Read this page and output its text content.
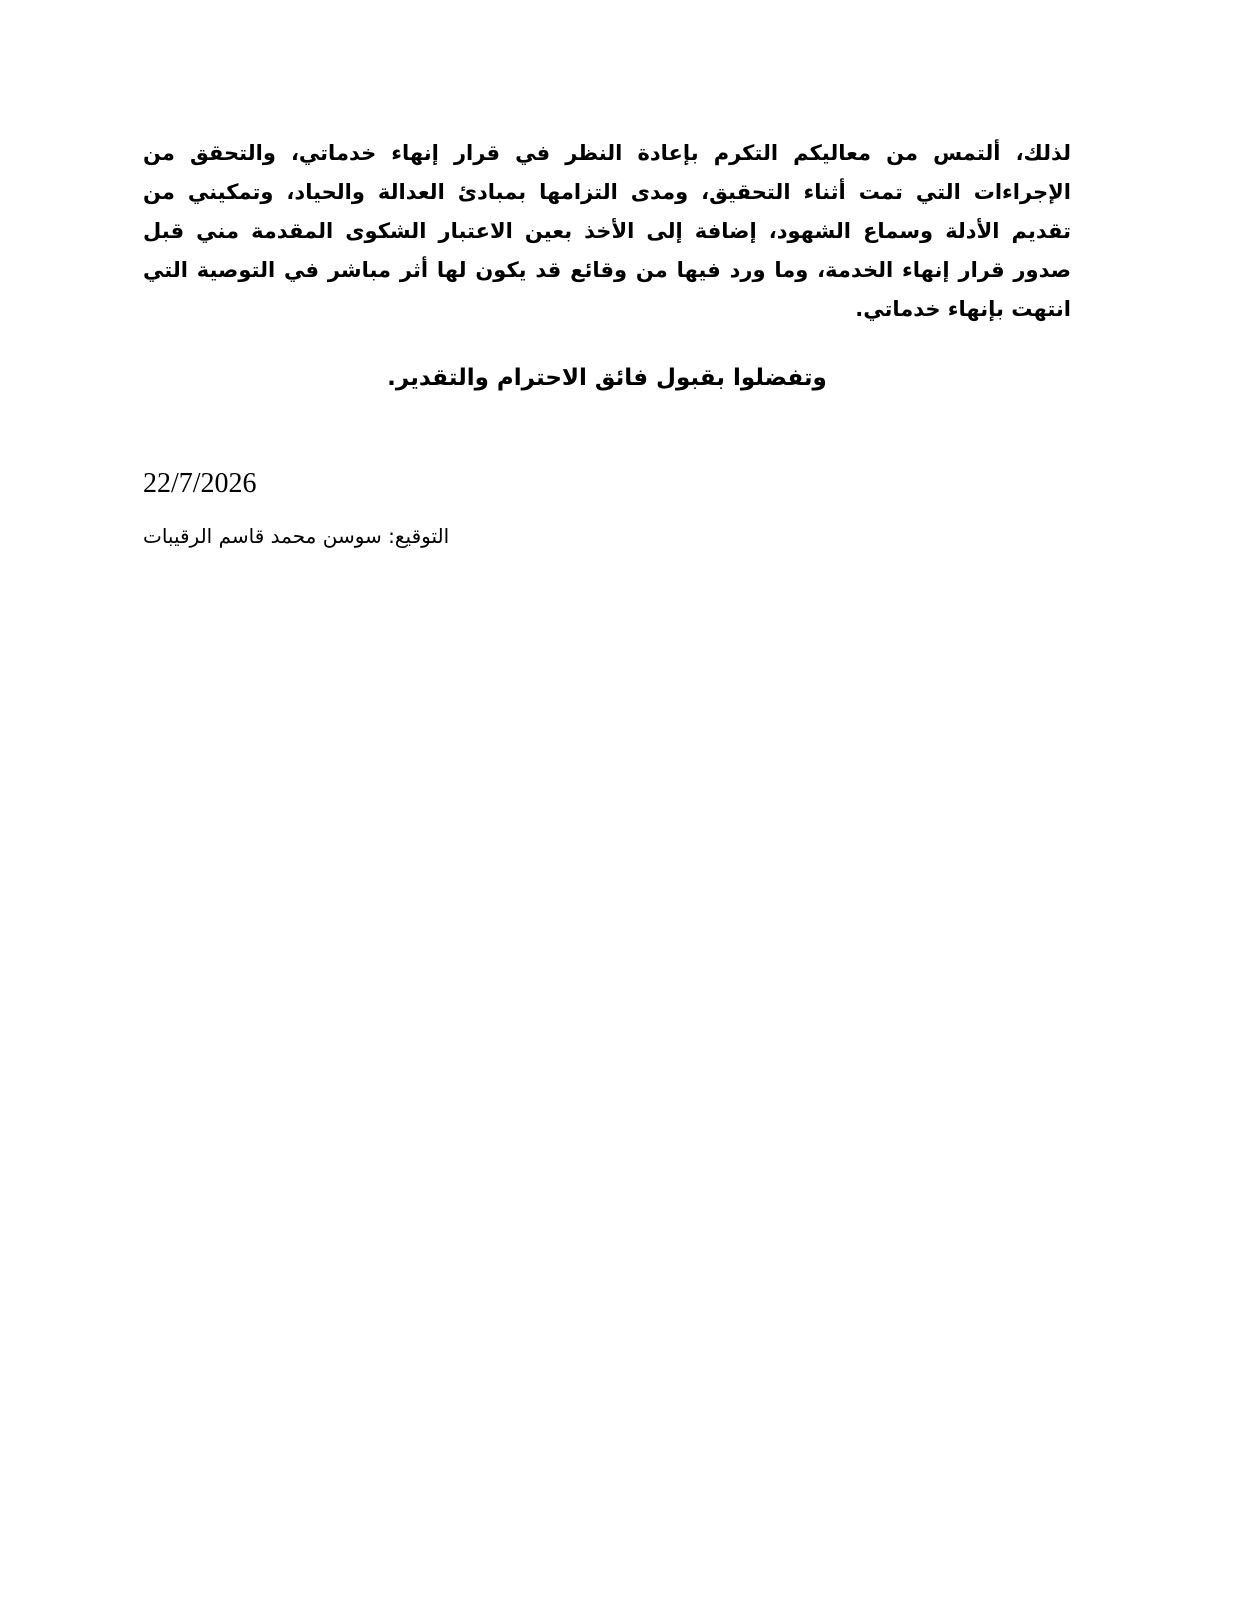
لذلك، ألتمس من معاليكم التكرم بإعادة النظر في قرار إنهاء خدماتي، والتحقق من الإجراءات التي تمت أثناء التحقيق، ومدى التزامها بمبادئ العدالة والحياد، وتمكيني من تقديم الأدلة وسماع الشهود، إضافة إلى الأخذ بعين الاعتبار الشكوى المقدمة مني قبل صدور قرار إنهاء الخدمة، وما ورد فيها من وقائع قد يكون لها أثر مباشر في التوصية التي انتهت بإنهاء خدماتي.

وتفضلوا بقبول فائق الاحترام والتقدير.

22/7/2026
التوقيع: سوسن محمد قاسم الرقيبات
